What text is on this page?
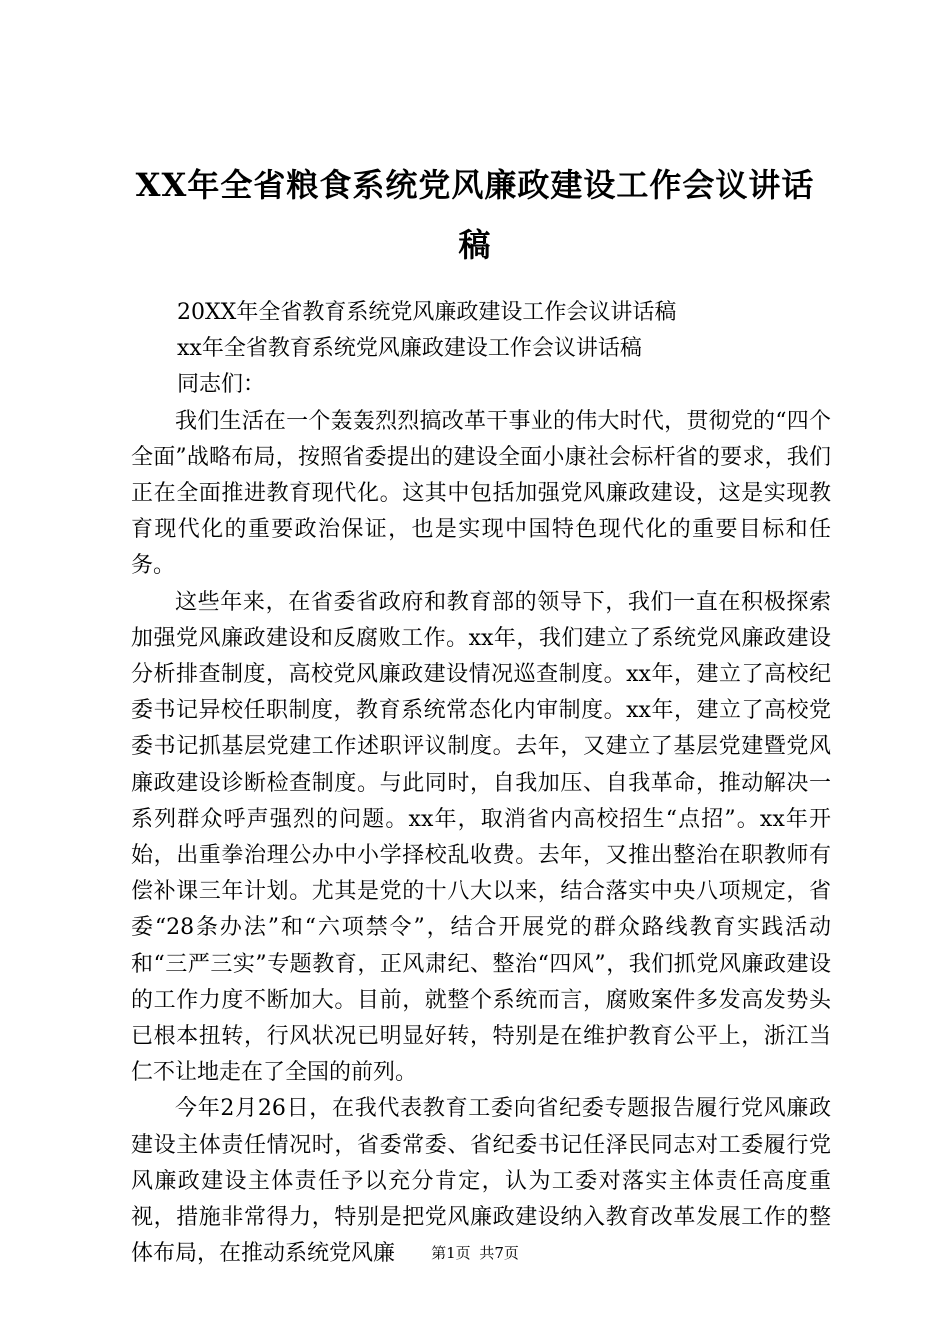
XX年全省粮食系统党风廉政建设工作会议讲话稿

20XX年全省教育系统党风廉政建设工作会议讲话稿

xx年全省教育系统党风廉政建设工作会议讲话稿

同志们：

我们生活在一个轰轰烈烈搞改革干事业的伟大时代，贯彻党的“四个全面”战略布局，按照省委提出的建设全面小康社会标杆省的要求，我们正在全面推进教育现代化。这其中包括加强党风廉政建设，这是实现教育现代化的重要政治保证，也是实现中国特色现代化的重要目标和任务。

这些年来，在省委省政府和教育部的领导下，我们一直在积极探索加强党风廉政建设和反腐败工作。xx年，我们建立了系统党风廉政建设分析排查制度，高校党风廉政建设情况巡查制度。xx年，建立了高校纪委书记异校任职制度，教育系统常态化内审制度。xx年，建立了高校党委书记抓基层党建工作述职评议制度。去年，又建立了基层党建暨党风廉政建设诊断检查制度。与此同时，自我加压、自我革命，推动解决一系列群众呼声强烈的问题。xx年，取消省内高校招生“点招”。xx年开始，出重拳治理公办中小学择校乱收费。去年，又推出整治在职教师有偿补课三年计划。尤其是党的十八大以来，结合落实中央八项规定，省委“28条办法”和“六项禁令”，结合开展党的群众路线教育实践活动和“三严三实”专题教育，正风肃纪、整治“四风”，我们抓党风廉政建设的工作力度不断加大。目前，就整个系统而言，腐败案件多发高发势头已根本扭转，行风状况已明显好转，特别是在维护教育公平上，浙江当仁不让地走在了全国的前列。

今年2月26日，在我代表教育工委向省纪委专题报告履行党风廉政建设主体责任情况时，省委常委、省纪委书记任泽民同志对工委履行党风廉政建设主体责任予以充分肯定，认为工委对落实主体责任高度重视，措施非常得力，特别是把党风廉政建设纳入教育改革发展工作的整体布局，在推动系统党风廉	第1页 共7页
